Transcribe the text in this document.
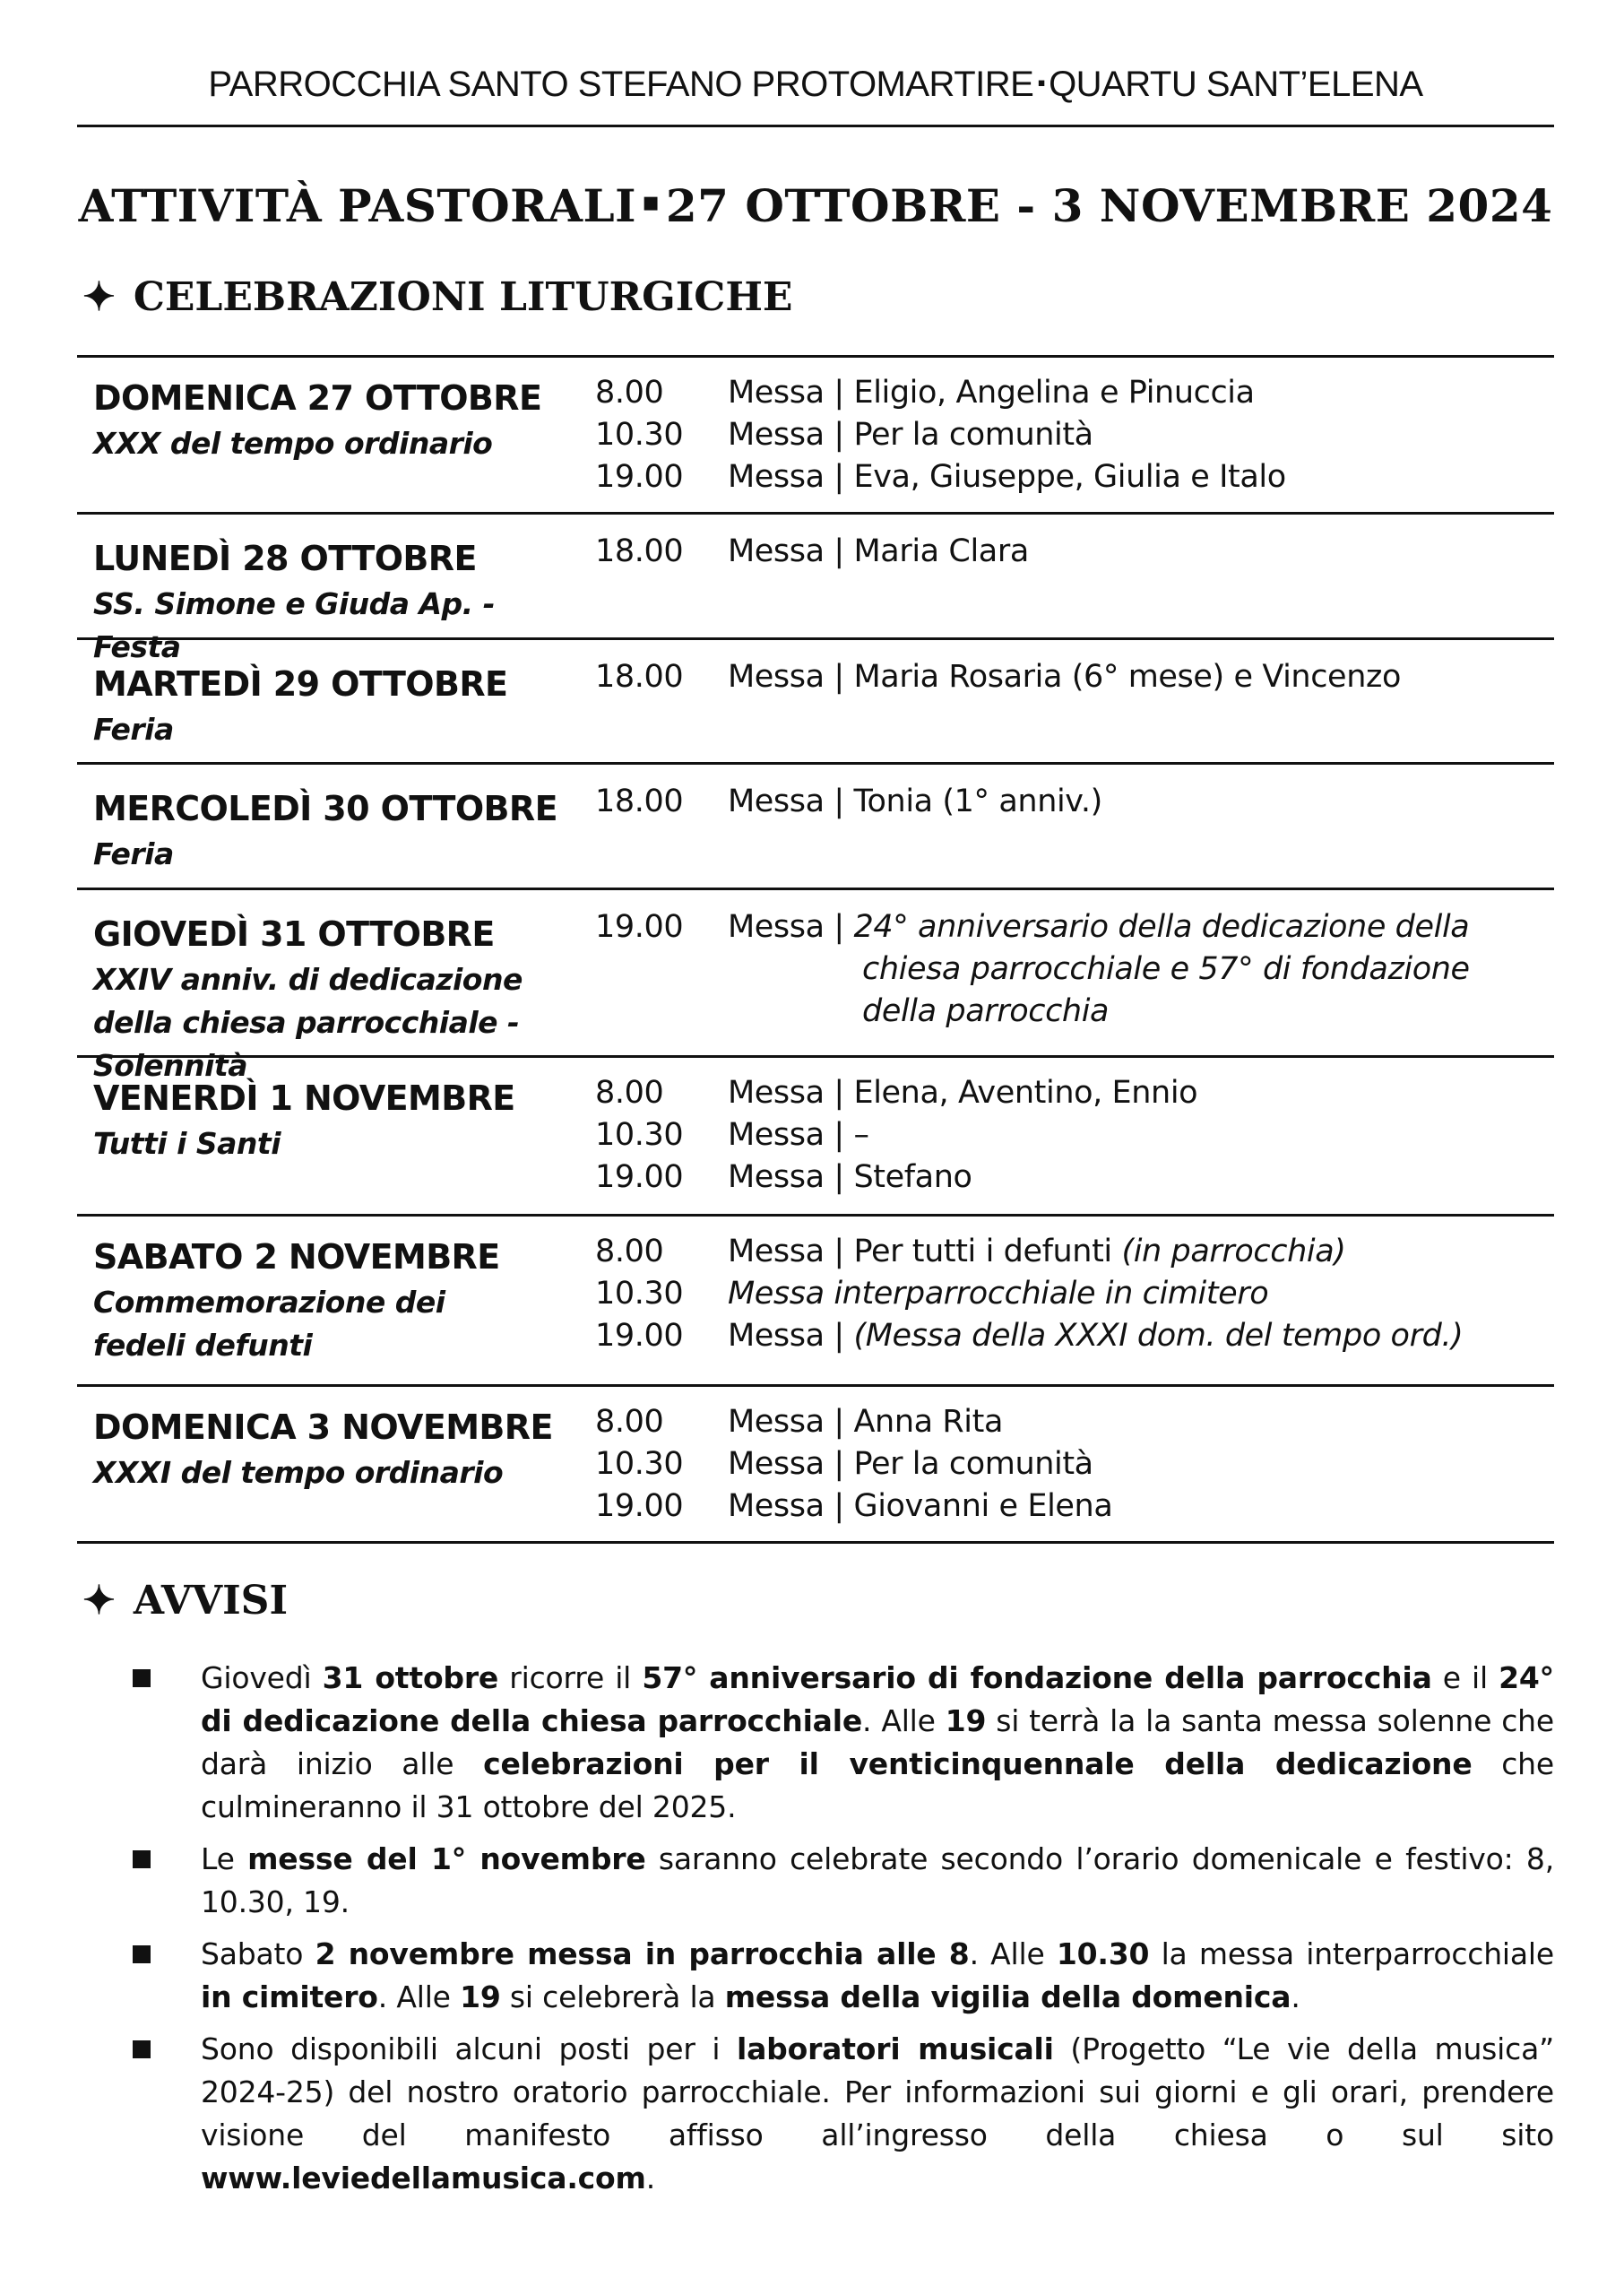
PARROCCHIA SANTO STEFANO PROTOMARTIRE ▪ QUARTU SANT’ELENA
ATTIVITÀ PASTORALI ▪ 27 OTTOBRE - 3 NOVEMBRE 2024
✦ CELEBRAZIONI LITURGICHE
DOMENICA 27 OTTOBRE
XXX del tempo ordinario
8.00	Messa | Eligio, Angelina e Pinuccia
10.30	Messa | Per la comunità
19.00	Messa | Eva, Giuseppe, Giulia e Italo
LUNEDÌ 28 OTTOBRE
SS. Simone e Giuda Ap. - Festa
18.00	Messa | Maria Clara
MARTEDÌ 29 OTTOBRE
Feria
18.00	Messa | Maria Rosaria (6° mese) e Vincenzo
MERCOLEDÌ 30 OTTOBRE
Feria
18.00	Messa | Tonia (1° anniv.)
GIOVEDÌ 31 OTTOBRE
XXIV anniv. di dedicazione della chiesa parrocchiale - Solennità
19.00	Messa | 24° anniversario della dedicazione della
chiesa parrocchiale e 57° di fondazione
della parrocchia
VENERDÌ 1 NOVEMBRE
Tutti i Santi
8.00	Messa | Elena, Aventino, Ennio
10.30	Messa | –
19.00	Messa | Stefano
SABATO 2 NOVEMBRE
Commemorazione dei fedeli defunti
8.00	Messa | Per tutti i defunti (in parrocchia)
10.30	Messa interparrocchiale in cimitero
19.00	Messa | (Messa della XXXI dom. del tempo ord.)
DOMENICA 3 NOVEMBRE
XXXI del tempo ordinario
8.00	Messa | Anna Rita
10.30	Messa | Per la comunità
19.00	Messa | Giovanni e Elena
✦ AVVISI
Giovedì 31 ottobre ricorre il 57° anniversario di fondazione della parrocchia e il 24° di dedicazione della chiesa parrocchiale. Alle 19 si terrà la la santa messa solenne che darà inizio alle celebrazioni per il venticinquennale della dedicazione che culmineranno il 31 ottobre del 2025.
Le messe del 1° novembre saranno celebrate secondo l’orario domenicale e festivo: 8, 10.30, 19.
Sabato 2 novembre messa in parrocchia alle 8. Alle 10.30 la messa interparrocchiale in cimitero. Alle 19 si celebrerà la messa della vigilia della domenica.
Sono disponibili alcuni posti per i laboratori musicali (Progetto “Le vie della musica” 2024-25) del nostro oratorio parrocchiale. Per informazioni sui giorni e gli orari, prendere visione del manifesto affisso all’ingresso della chiesa o sul sito www.leviedellamusica.com.
